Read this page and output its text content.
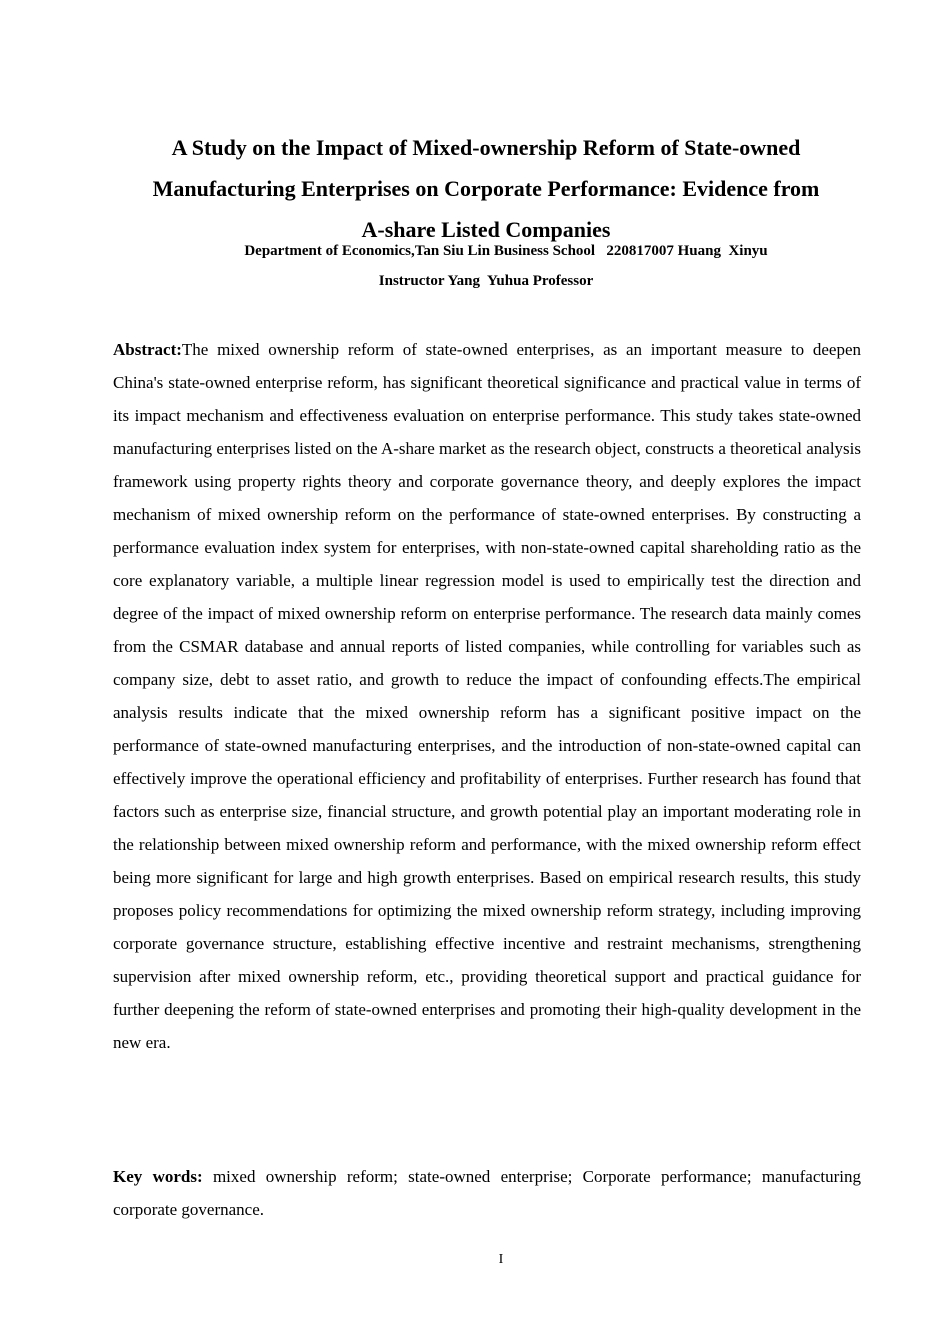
A Study on the Impact of Mixed-ownership Reform of State-owned
Manufacturing Enterprises on Corporate Performance: Evidence from
A-share Listed Companies
Department of Economics,Tan Siu Lin Business School   220817007 Huang  Xinyu
Instructor Yang  Yuhua Professor

Abstract:The mixed ownership reform of state-owned enterprises, as an important measure to deepen China's state-owned enterprise reform, has significant theoretical significance and practical value in terms of its impact mechanism and effectiveness evaluation on enterprise performance. This study takes state-owned manufacturing enterprises listed on the A-share market as the research object, constructs a theoretical analysis framework using property rights theory and corporate governance theory, and deeply explores the impact mechanism of mixed ownership reform on the performance of state-owned enterprises. By constructing a performance evaluation index system for enterprises, with non-state-owned capital shareholding ratio as the core explanatory variable, a multiple linear regression model is used to empirically test the direction and degree of the impact of mixed ownership reform on enterprise performance. The research data mainly comes from the CSMAR database and annual reports of listed companies, while controlling for variables such as company size, debt to asset ratio, and growth to reduce the impact of confounding effects.The empirical analysis results indicate that the mixed ownership reform has a significant positive impact on the performance of state-owned manufacturing enterprises, and the introduction of non-state-owned capital can effectively improve the operational efficiency and profitability of enterprises. Further research has found that factors such as enterprise size, financial structure, and growth potential play an important moderating role in the relationship between mixed ownership reform and performance, with the mixed ownership reform effect being more significant for large and high growth enterprises. Based on empirical research results, this study proposes policy recommendations for optimizing the mixed ownership reform strategy, including improving corporate governance structure, establishing effective incentive and restraint mechanisms, strengthening supervision after mixed ownership reform, etc., providing theoretical support and practical guidance for further deepening the reform of state-owned enterprises and promoting their high-quality development in the new era.

Key words: mixed ownership reform; state-owned enterprise; Corporate performance; manufacturing corporate governance.

I
